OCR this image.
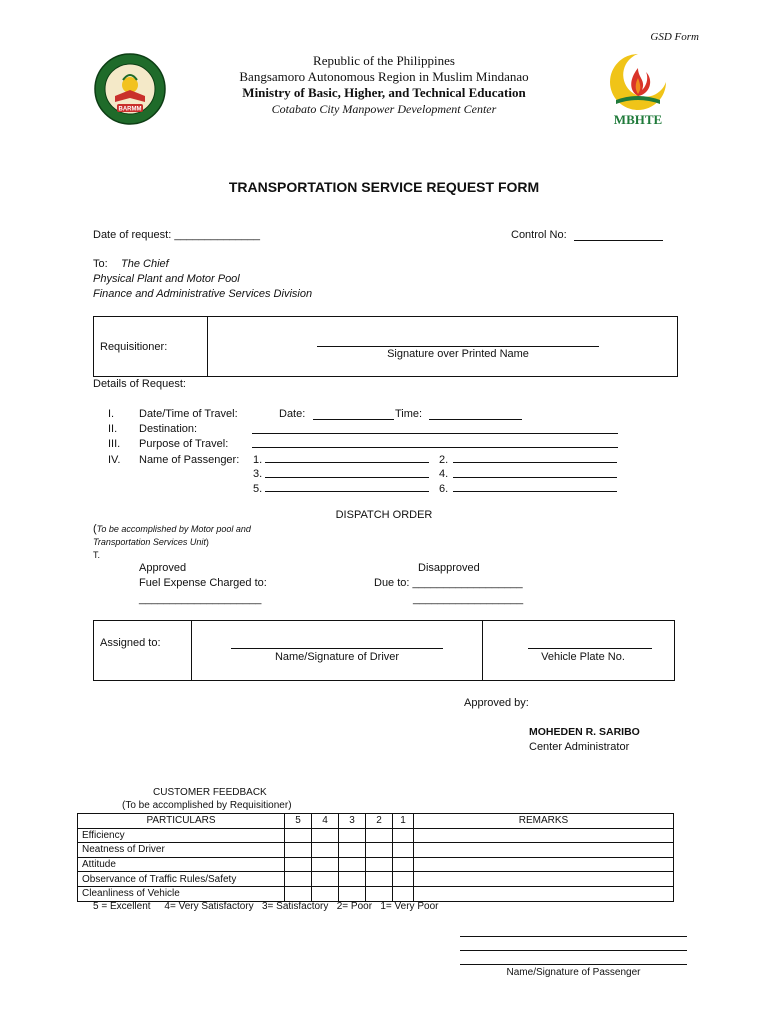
GSD Form
BARMM
Republic of the Philippines
Bangsamoro Autonomous Region in Muslim Mindanao
Ministry of Basic, Higher, and Technical Education
Cotabato City Manpower Development Center
MBHTE
TRANSPORTATION SERVICE REQUEST FORM
Date of request: ______________	Control No:
To: The Chief
Physical Plant and Motor Pool
Finance and Administrative Services Division
Requisitioner:
Signature over Printed Name
Details of Request:
I. Date/Time of Travel:	Date:	Time:
II. Destination:
III. Purpose of Travel:
IV. Name of Passenger: 1.	2.
3.	4.
5.	6.
DISPATCH ORDER
(To be accomplished by Motor pool and
Transportation Services Unit)
T.
Approved	Disapproved
Fuel Expense Charged to:	Due to: __________________
____________________	__________________
Assigned to:
Name/Signature of Driver	Vehicle Plate No.
Approved by:
MOHEDEN R. SARIBO
Center Administrator
CUSTOMER FEEDBACK
(To be accomplished by Requisitioner)
PARTICULARS	5	4	3	2	1	REMARKS
Efficiency						
Neatness of Driver						
Attitude						
Observance of Traffic Rules/Safety						
Cleanliness of Vehicle						
5 = Excellent     4= Very Satisfactory   3= Satisfactory   2= Poor   1= Very Poor
Name/Signature of Passenger
